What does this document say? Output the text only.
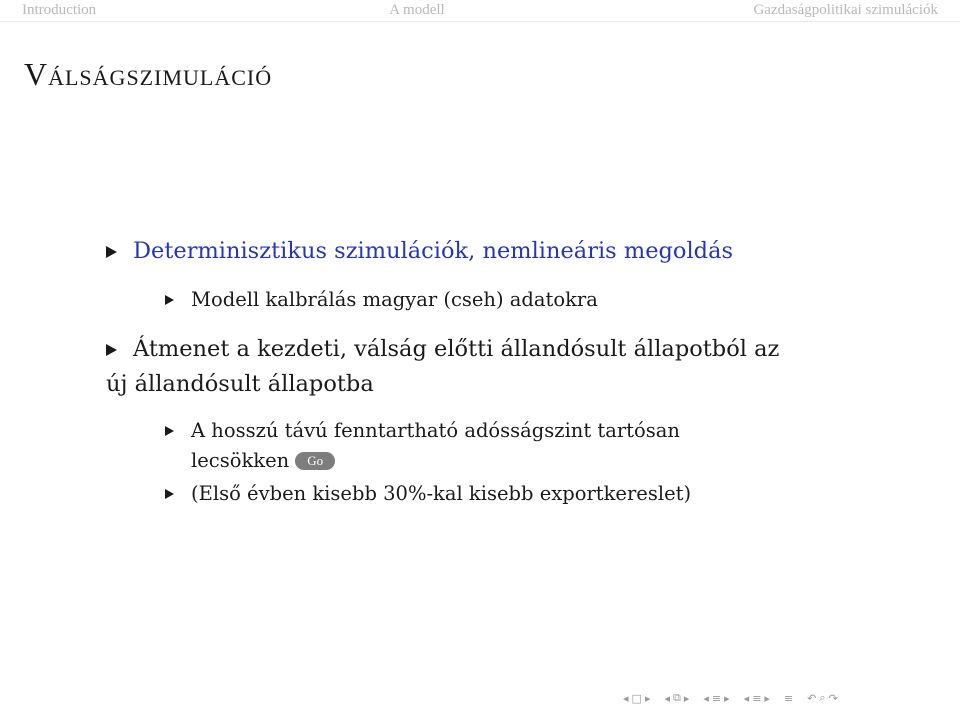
Introduction	A modell	Gazdaságpolitikai szimulációk
Válságszimuláció
Determinisztikus szimulációk, nemlineáris megoldás
Modell kalbrálás magyar (cseh) adatokra
Átmenet a kezdeti, válság előtti állandósult állapotból az
új állandósult állapotba
A hosszú távú fenntartható adósságszint tartósan
lecsökken Go
(Első évben kisebb 30%-kal kisebb exportkereslet)
◂ □ ▸ ◂ ⧉ ▸ ◂ ≡ ▸ ◂ ≡ ▸ ≡ ↶ ⌕ ↷
